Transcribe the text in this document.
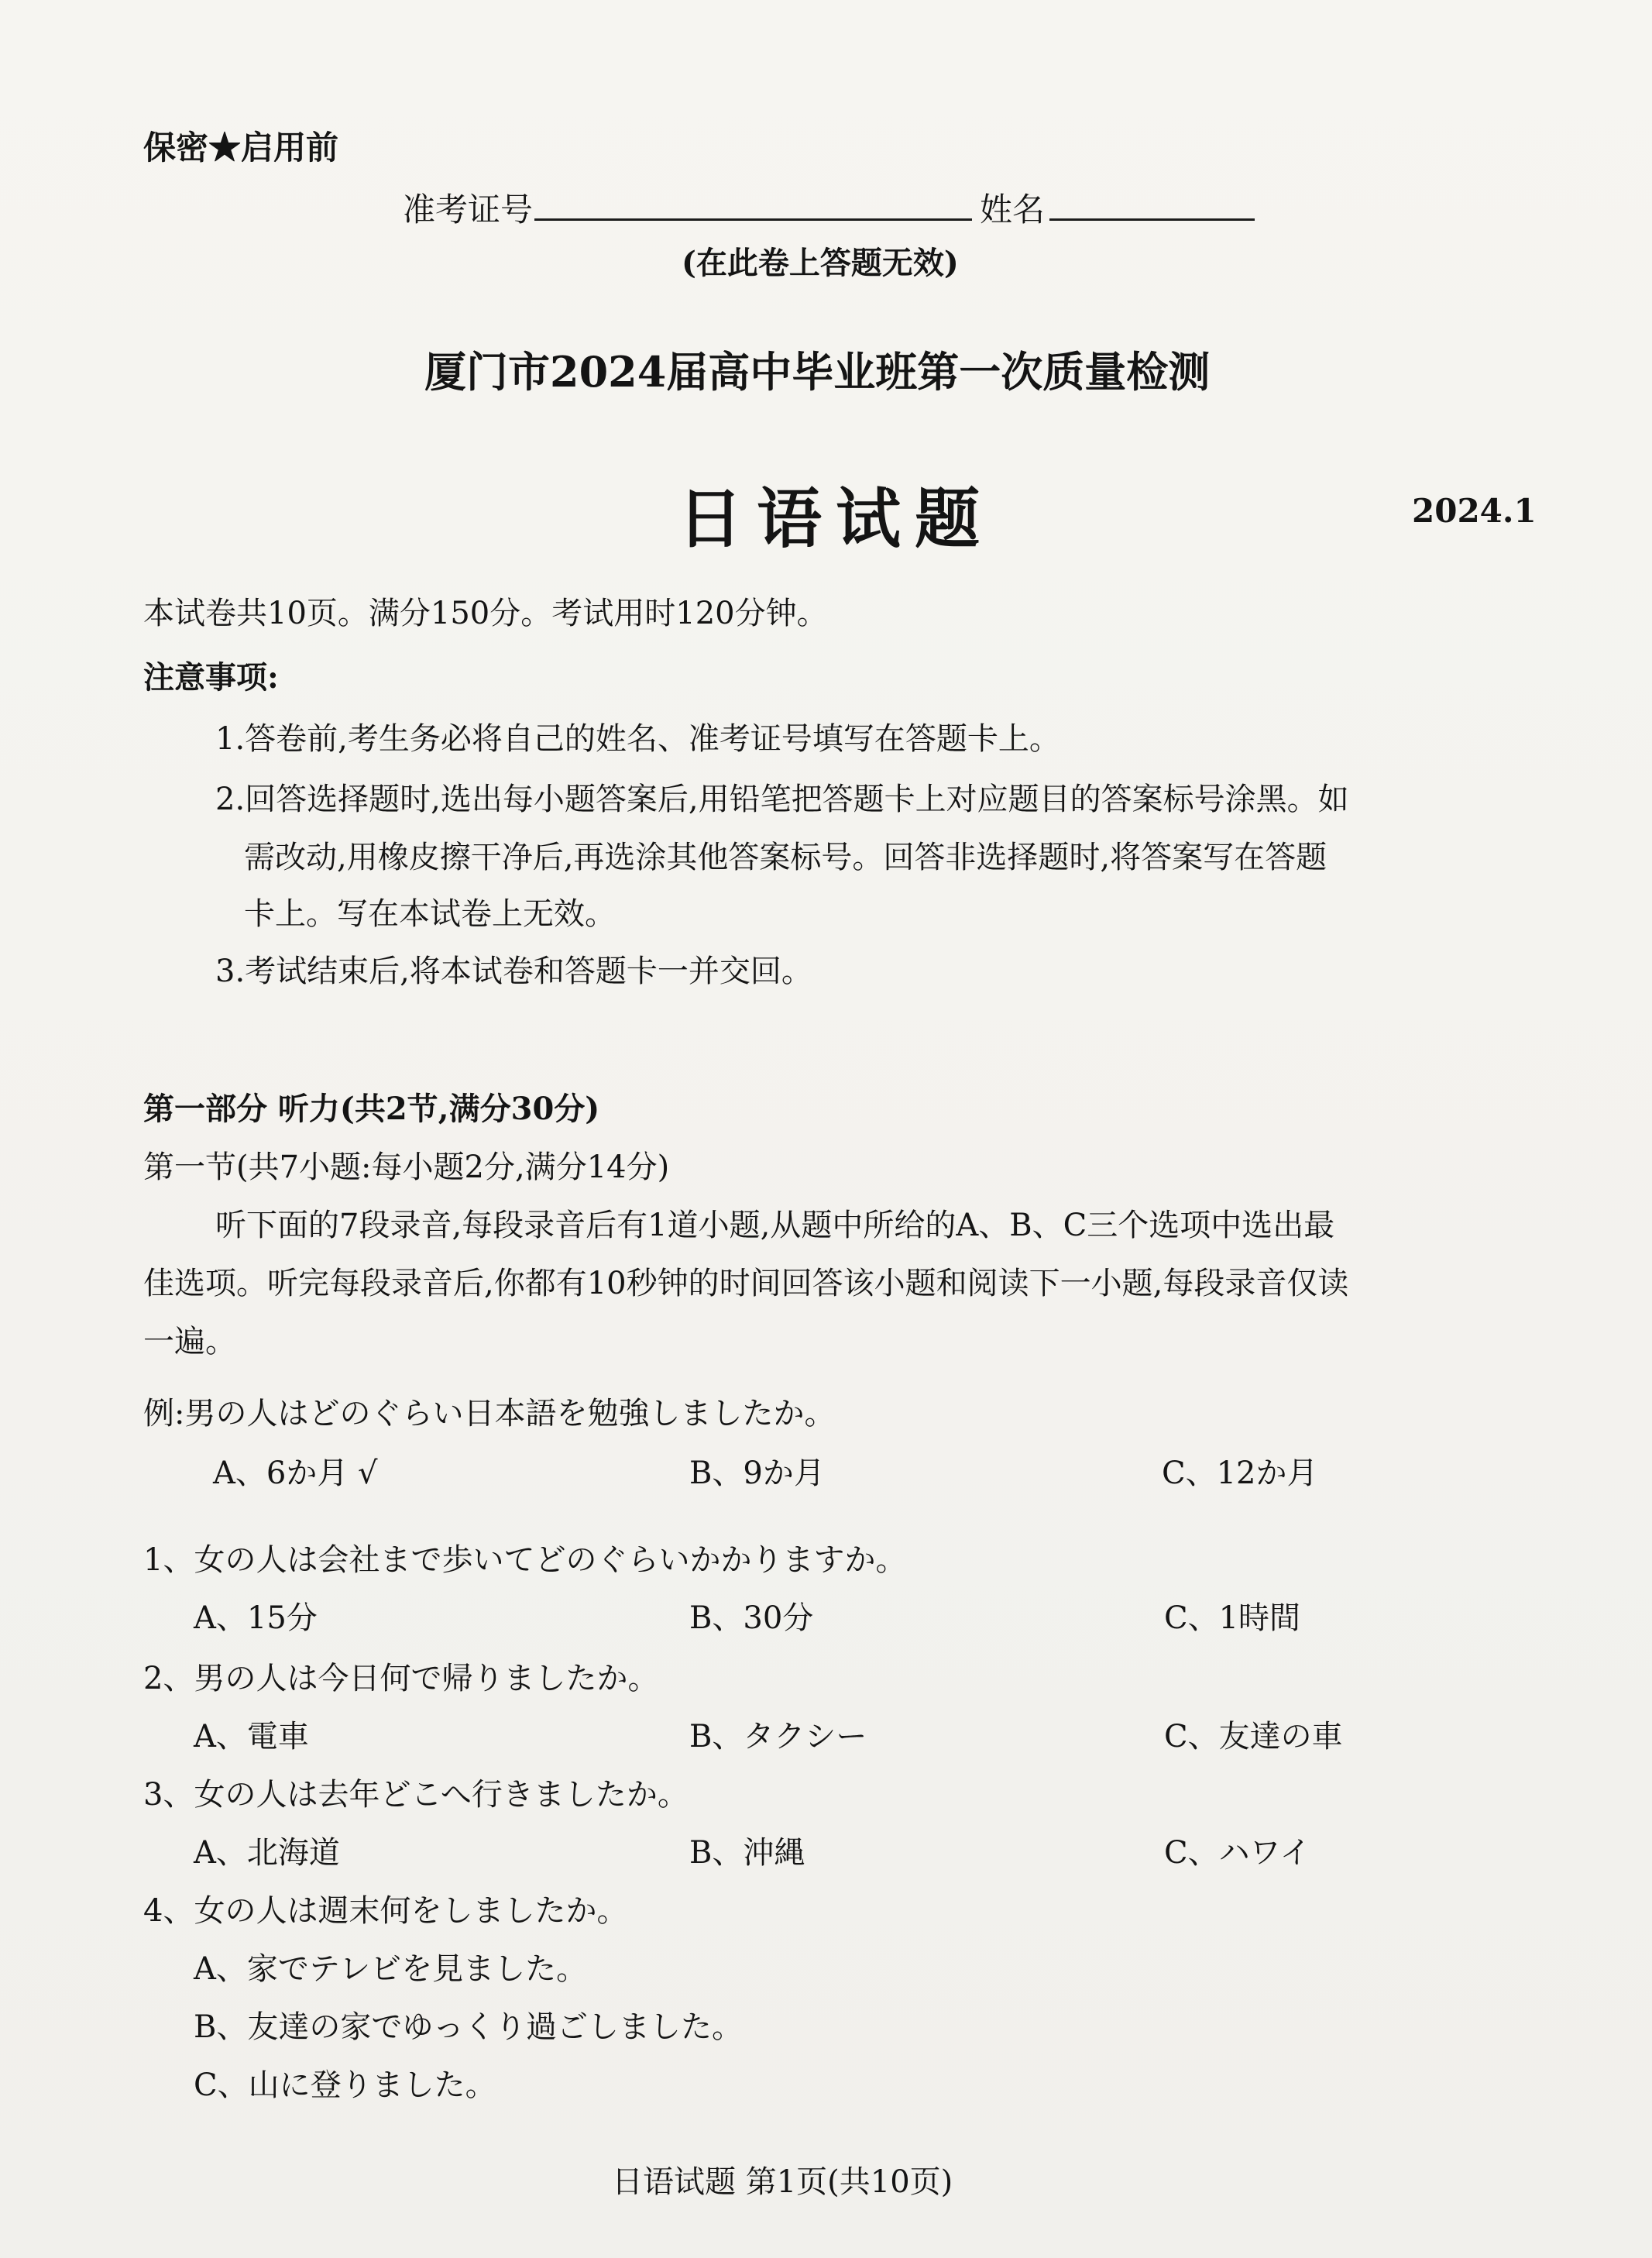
保密★启用前
准考证号	姓名
(在此卷上答题无效)
厦门市2024届高中毕业班第一次质量检测
日语试题	2024.1
本试卷共10页。满分150分。考试用时120分钟。
注意事项:
1.答卷前,考生务必将自己的姓名、准考证号填写在答题卡上。
2.回答选择题时,选出每小题答案后,用铅笔把答题卡上对应题目的答案标号涂黑。如
需改动,用橡皮擦干净后,再选涂其他答案标号。回答非选择题时,将答案写在答题
卡上。写在本试卷上无效。
3.考试结束后,将本试卷和答题卡一并交回。
第一部分 听力(共2节,满分30分)
第一节(共7小题:每小题2分,满分14分)
听下面的7段录音,每段录音后有1道小题,从题中所给的A、B、C三个选项中选出最
佳选项。听完每段录音后,你都有10秒钟的时间回答该小题和阅读下一小题,每段录音仅读
一遍。
例:男の人はどのぐらい日本語を勉強しましたか。
A、6か月 √	B、9か月	C、12か月
1、女の人は会社まで歩いてどのぐらいかかりますか。
A、15分	B、30分	C、1時間
2、男の人は今日何で帰りましたか。
A、電車	B、タクシー	C、友達の車
3、女の人は去年どこへ行きましたか。
A、北海道	B、沖縄	C、ハワイ
4、女の人は週末何をしましたか。
A、家でテレビを見ました。
B、友達の家でゆっくり過ごしました。
C、山に登りました。
日语试题 第1页(共10页)
